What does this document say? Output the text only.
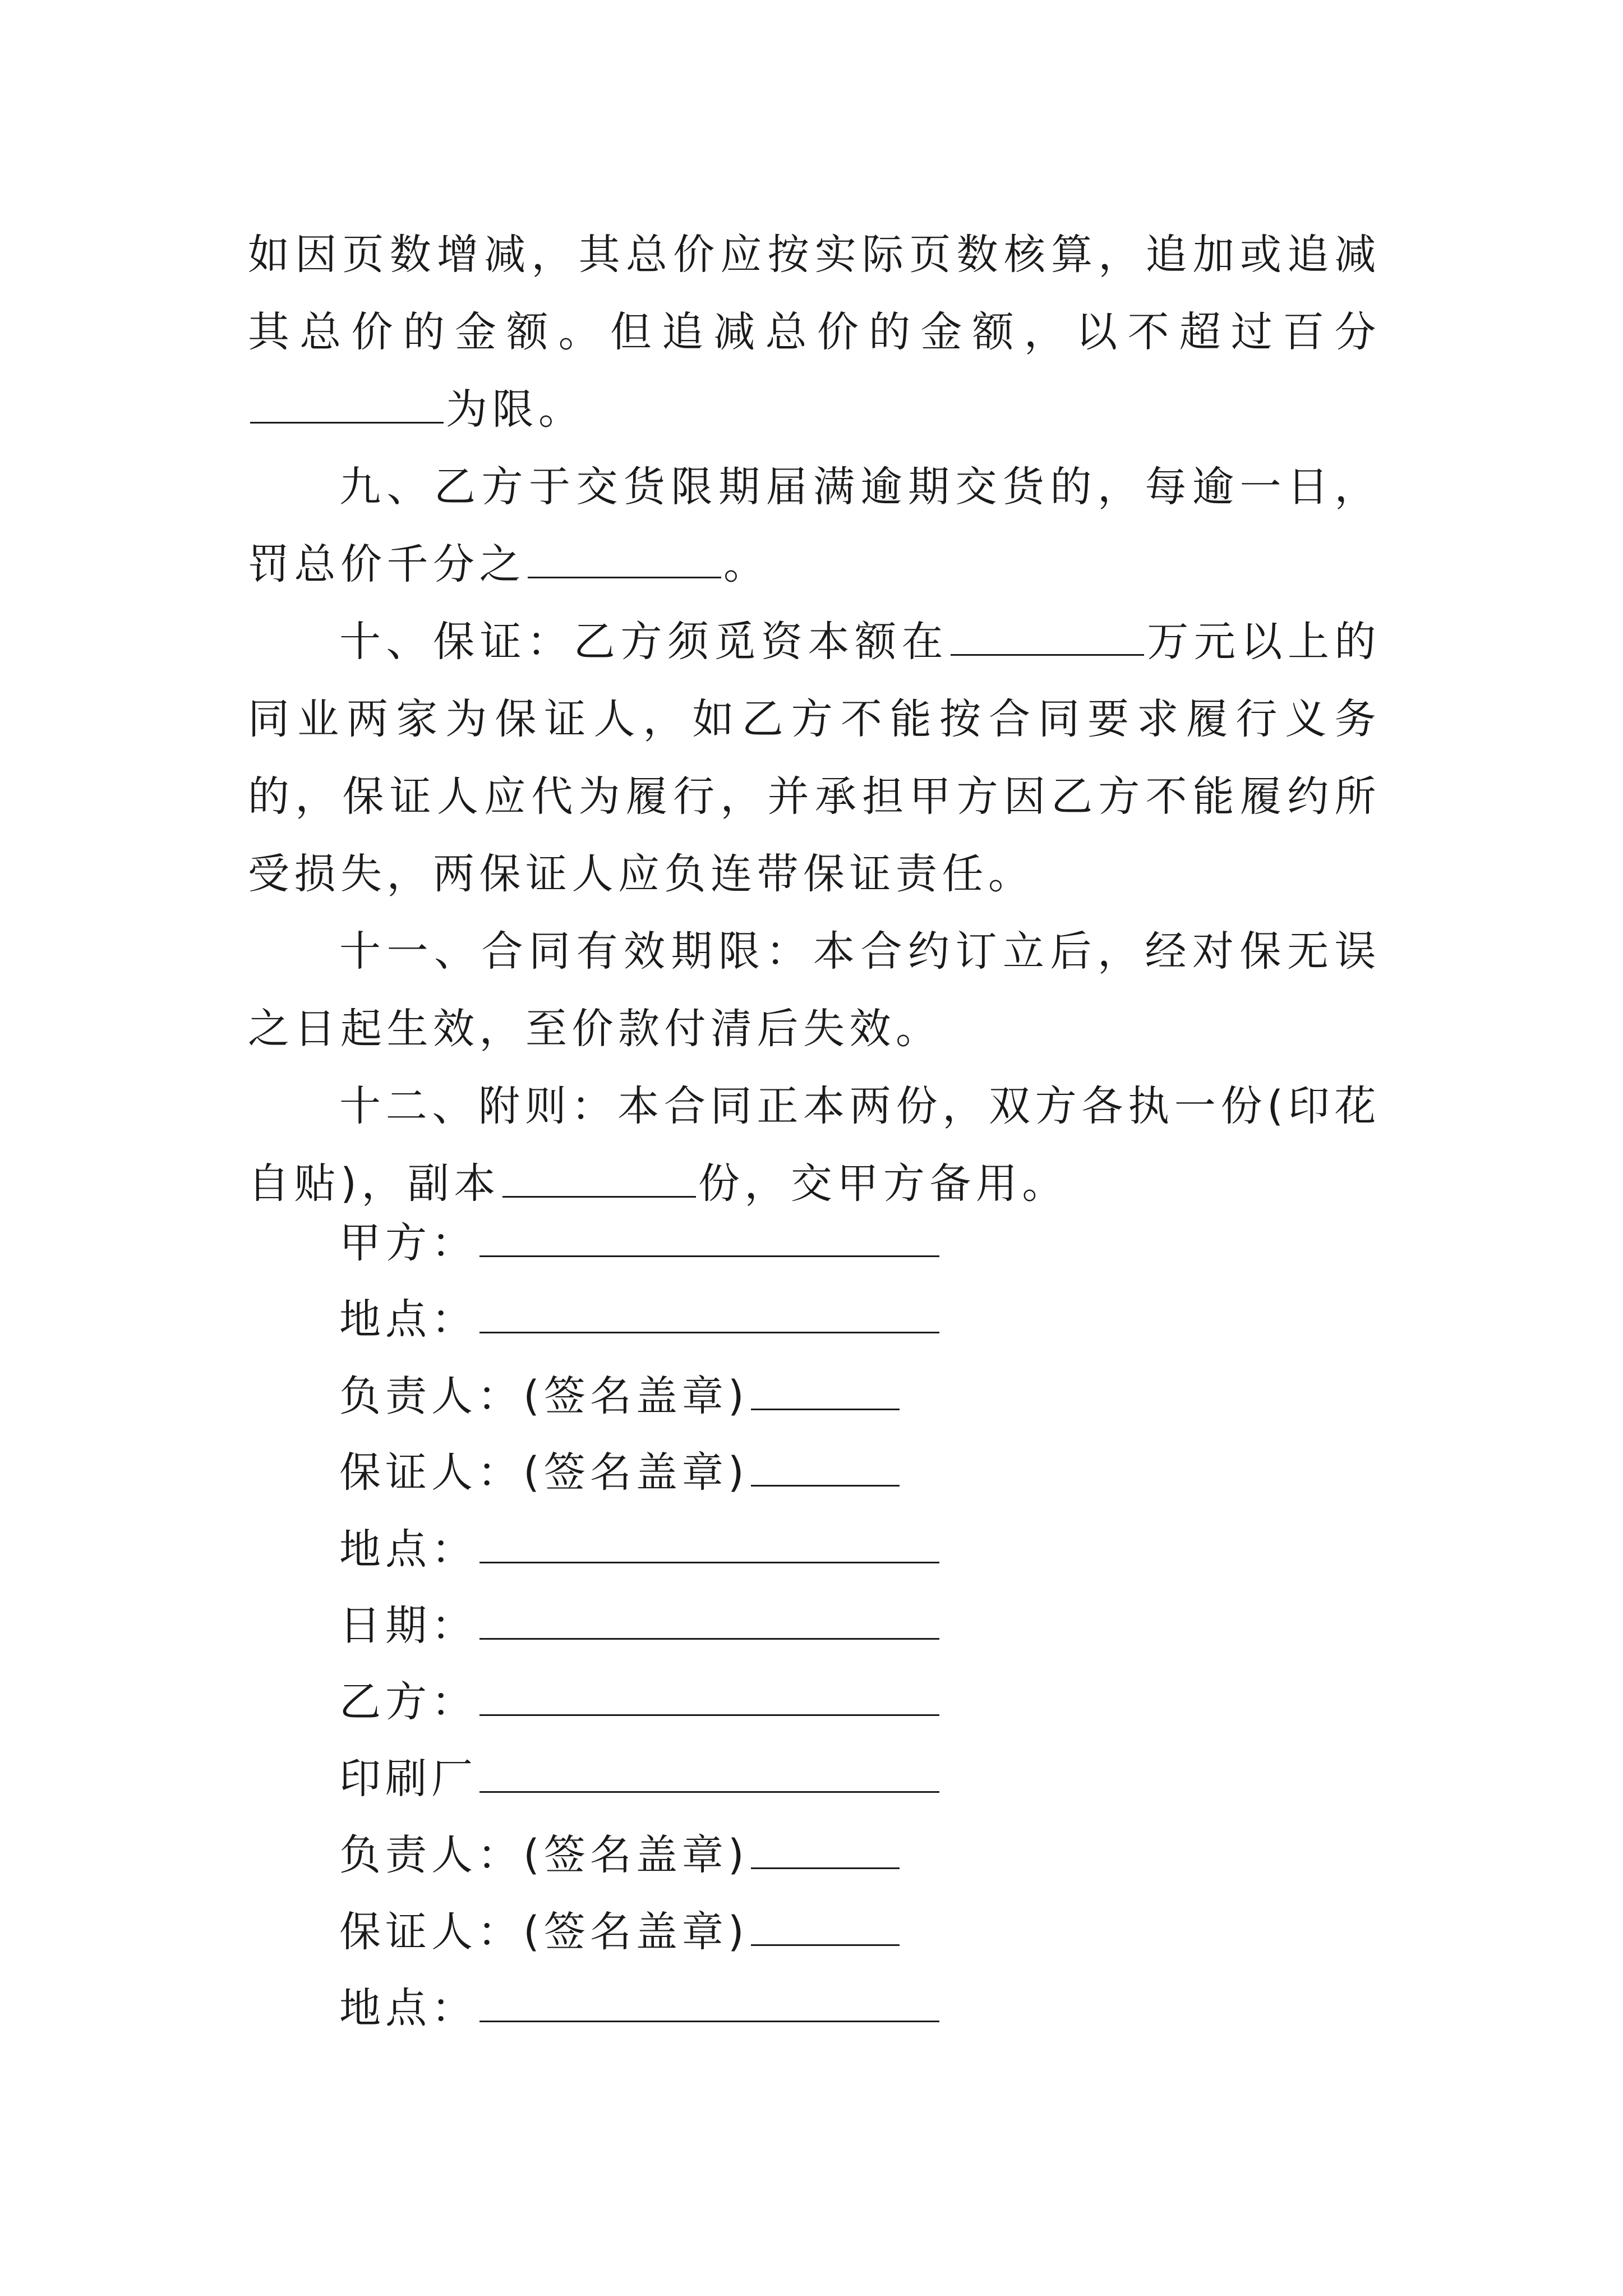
如因页数增减，其总价应按实际页数核算，追加或追减其总价的金额。但追减总价的金额，以不超过百分为限。

九、乙方于交货限期届满逾期交货的，每逾一日，罚总价千分之	。

十、保证：乙方须觅资本额在	万元以上的同业两家为保证人，如乙方不能按合同要求履行义务的，保证人应代为履行，并承担甲方因乙方不能履约所受损失，两保证人应负连带保证责任。

十一、合同有效期限：本合约订立后，经对保无误之日起生效，至价款付清后失效。

十二、附则：本合同正本两份，双方各执一份(印花自贴)，副本	份，交甲方备用。

甲方：
地点：
负责人：(签名盖章)
保证人：(签名盖章)
地点：
日期：
乙方：
印刷厂
负责人：(签名盖章)
保证人：(签名盖章)
地点：
